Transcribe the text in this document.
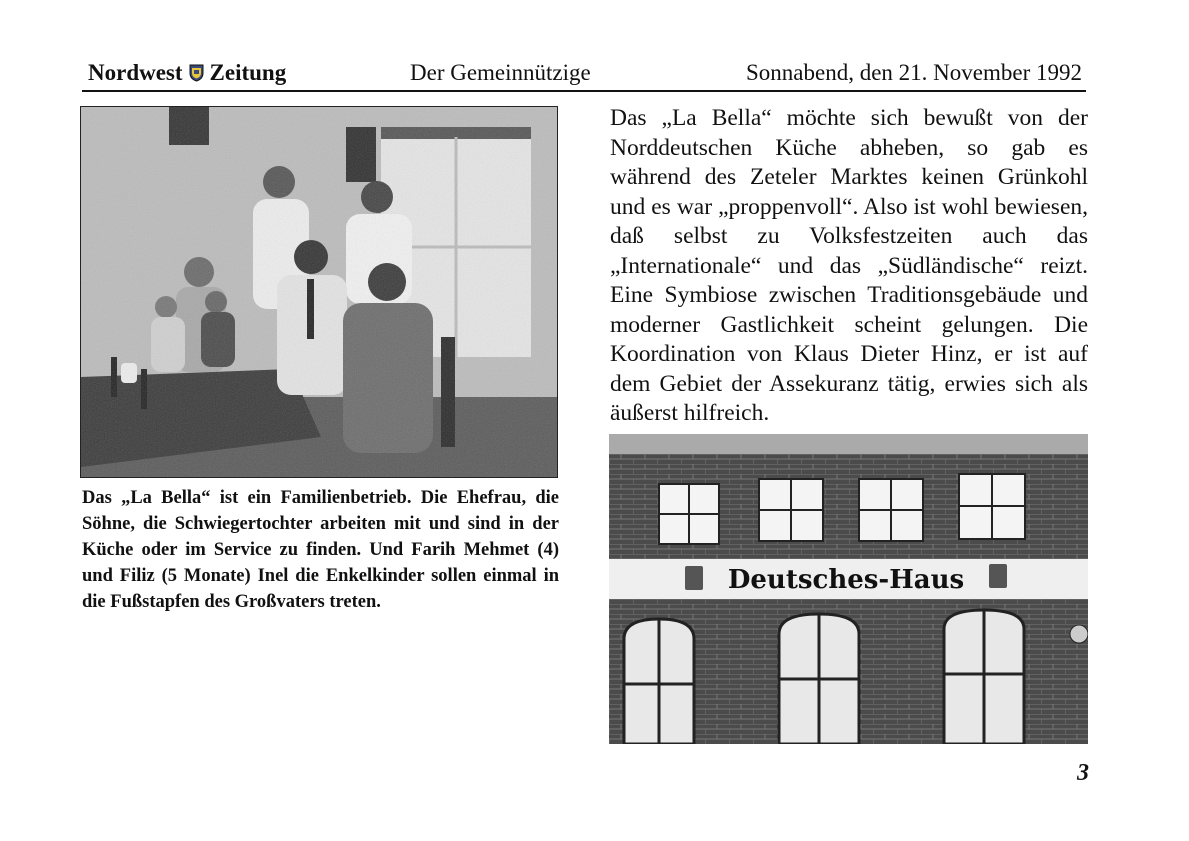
Nordwest Zeitung	Der Gemeinnützige	Sonnabend, den 21. November 1992
Das „La Bella“ ist ein Familienbetrieb. Die Ehefrau, die Söhne, die Schwiegertochter arbeiten mit und sind in der Küche oder im Service zu finden. Und Farih Mehmet (4) und Filiz (5 Monate) Inel die Enkelkinder sollen einmal in die Fußstapfen des Großvaters treten.
Das „La Bella“ möchte sich bewußt von der Norddeutschen Küche abheben, so gab es während des Zeteler Marktes keinen Grünkohl und es war „proppenvoll“. Also ist wohl bewiesen, daß selbst zu Volksfestzeiten auch das „Internationale“ und das „Südländische“ reizt. Eine Symbiose zwischen Traditionsgebäude und moderner Gastlichkeit scheint gelungen. Die Koordination von Klaus Dieter Hinz, er ist auf dem Gebiet der Assekuranz tätig, erwies sich als äußerst hilfreich.
Deutsches-Haus
3
